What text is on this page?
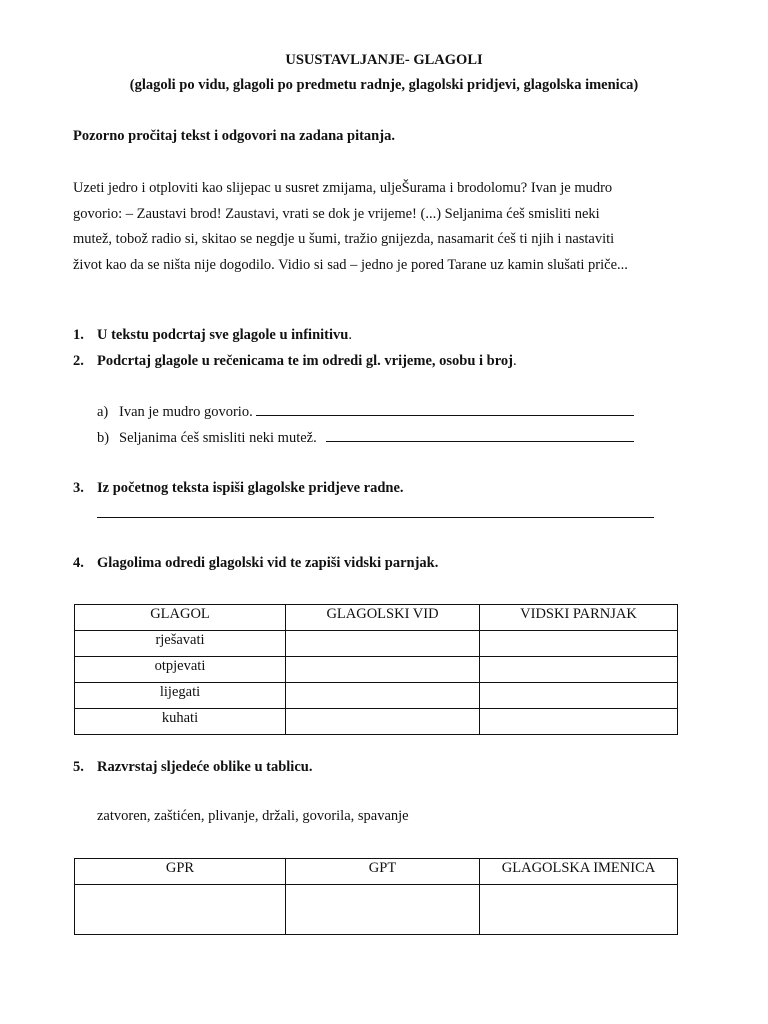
USUSTAVLJANJE- GLAGOLI
(glagoli po vidu, glagoli po predmetu radnje, glagolski pridjevi, glagolska imenica)
Pozorno pročitaj tekst i odgovori na zadana pitanja.
Uzeti jedro i otploviti kao slijepac u susret zmijama, uljeŠurama i brodolomu? Ivan je mudro
govorio: – Zaustavi brod! Zaustavi, vrati se dok je vrijeme! (...) Seljanima ćeš smisliti neki
mutež, tobož radio si, skitao se negdje u šumi, tražio gnijezda, nasamarit ćeš ti njih i nastaviti
život kao da se ništa nije dogodilo. Vidio si sad – jedno je pored Tarane uz kamin slušati priče...
1. U tekstu podcrtaj sve glagole u infinitivu.
2. Podcrtaj glagole u rečenicama te im odredi gl. vrijeme, osobu i broj.
a) Ivan je mudro govorio.
b) Seljanima ćeš smisliti neki mutež.
3. Iz početnog teksta ispiši glagolske pridjeve radne.
4. Glagolima odredi glagolski vid te zapiši vidski parnjak.
GLAGOL	GLAGOLSKI VID	VIDSKI PARNJAK
rješavati		
otpjevati		
lijegati		
kuhati		
5. Razvrstaj sljedeće oblike u tablicu.
zatvoren, zaštićen, plivanje, držali, govorila, spavanje
GPR	GPT	GLAGOLSKA IMENICA
